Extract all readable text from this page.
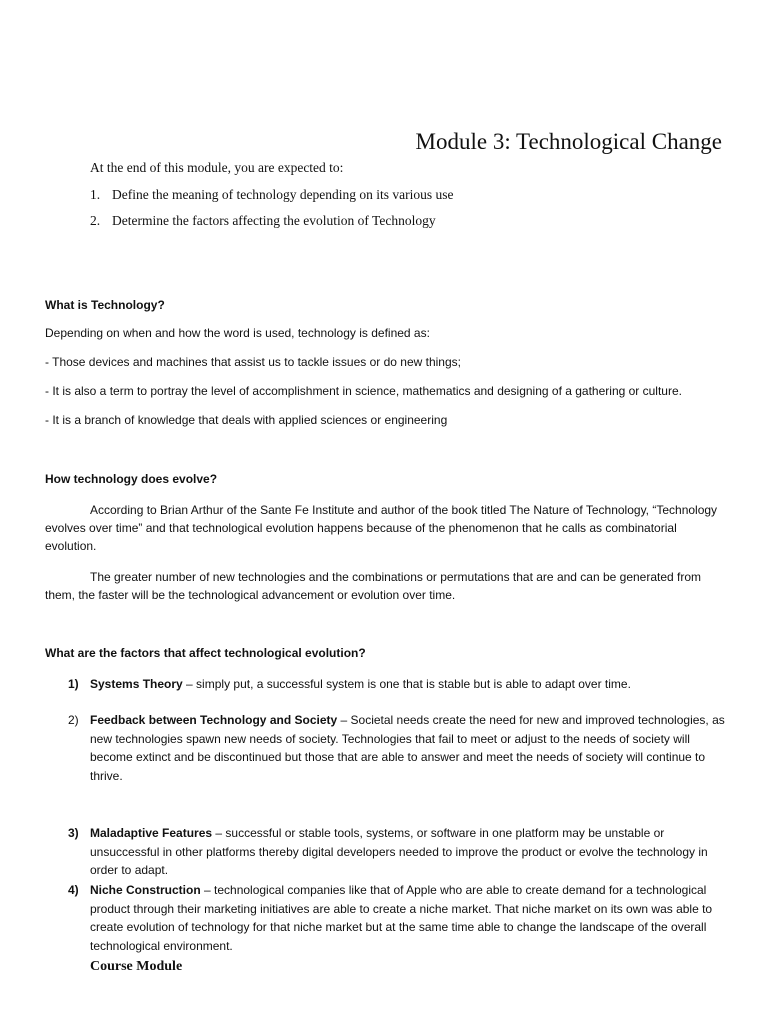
Module 3: Technological Change
At the end of this module, you are expected to:
1. Define the meaning of technology depending on its various use
2. Determine the factors affecting the evolution of Technology
What is Technology?
Depending on when and how the word is used, technology is defined as:
- Those devices and machines that assist us to tackle issues or do new things;
- It is also a term to portray the level of accomplishment in science, mathematics and designing of a gathering or culture.
- It is a branch of knowledge that deals with applied sciences or engineering
How technology does evolve?
According to Brian Arthur of the Sante Fe Institute and author of the book titled The Nature of Technology, “Technology evolves over time” and that technological evolution happens because of the phenomenon that he calls as combinatorial evolution.
The greater number of new technologies and the combinations or permutations that are and can be generated from them, the faster will be the technological advancement or evolution over time.
What are the factors that affect technological evolution?
1) Systems Theory – simply put, a successful system is one that is stable but is able to adapt over time.
2) Feedback between Technology and Society – Societal needs create the need for new and improved technologies, as new technologies spawn new needs of society. Technologies that fail to meet or adjust to the needs of society will become extinct and be discontinued but those that are able to answer and meet the needs of society will continue to thrive.
3) Maladaptive Features – successful or stable tools, systems, or software in one platform may be unstable or unsuccessful in other platforms thereby digital developers needed to improve the product or evolve the technology in order to adapt.
4) Niche Construction – technological companies like that of Apple who are able to create demand for a technological product through their marketing initiatives are able to create a niche market. That niche market on its own was able to create evolution of technology for that niche market but at the same time able to change the landscape of the overall technological environment.
Course Module
